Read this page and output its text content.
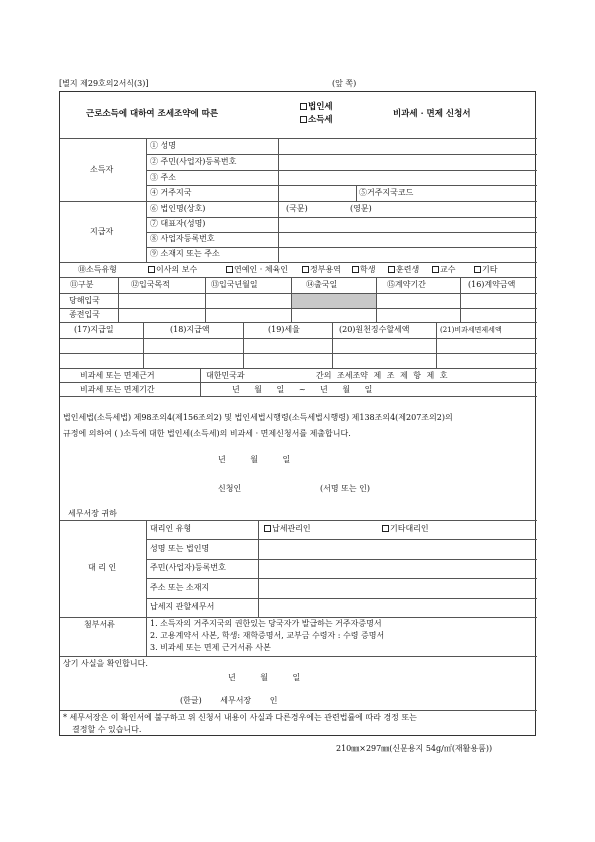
[별지 제29호의2서식(3)]	(앞 쪽)
근로소득에 대하여 조세조약에 따른
법인세
소득세
비과세 · 면제 신청서
소득자
① 성명
② 주민(사업자)등록번호
③ 주소
④ 거주지국	⑤거주지국코드
지급자
⑥ 법인명(상호)	(국문)	(영문)
⑦ 대표자(성명)
⑧ 사업자등록번호
⑨ 소재지 또는 주소
⑩소득유형	이사의 보수	연예인 · 체육인	정부용역	학생	훈련생	교수	기타
⑪구분	⑫입국목적	⑬입국년월일	⑭출국일	⑮계약기간	(16)계약금액
당해입국
종전입국
(17)지급일	(18)지급액	(19)세율	(20)원천징수할세액	(21)비과세면제세액
비과세 또는 면제근거	대한민국과	간의 조세조약 제 조 제 항 제 호
비과세 또는 면제기간	년 월 일 ~ 년 월 일
법인세법(소득세법) 제98조의4(제156조의2) 및 법인세법시행령(소득세법시행령) 제138조의4(제207조의2)의
규정에 의하여 ( )소득에 대한 법인세(소득세)의 비과세 · 면제신청서를 제출합니다.
년 월 일
신청인	(서명 또는 인)
세무서장 귀하
대 리 인
대리인 유형	납세관리인	기타대리인
성명 또는 법인명
주민(사업자)등록번호
주소 또는 소재지
납세지 관할세무서
첨부서류	1. 소득자의 거주지국의 권한있는 당국자가 발급하는 거주자증명서
2. 고용계약서 사본, 학생: 재학증명서, 교부금 수령자 : 수령 증명서
3. 비과세 또는 면제 근거서류 사본
상기 사실을 확인합니다.
년 월 일
(한글) 세무서장 인
* 세무서장은 이 확인서에 불구하고 위 신청서 내용이 사실과 다른경우에는 관련법률에 따라 경정 또는
결정할 수 있습니다.
210㎜×297㎜(신문용지 54g/㎡(재활용품))
